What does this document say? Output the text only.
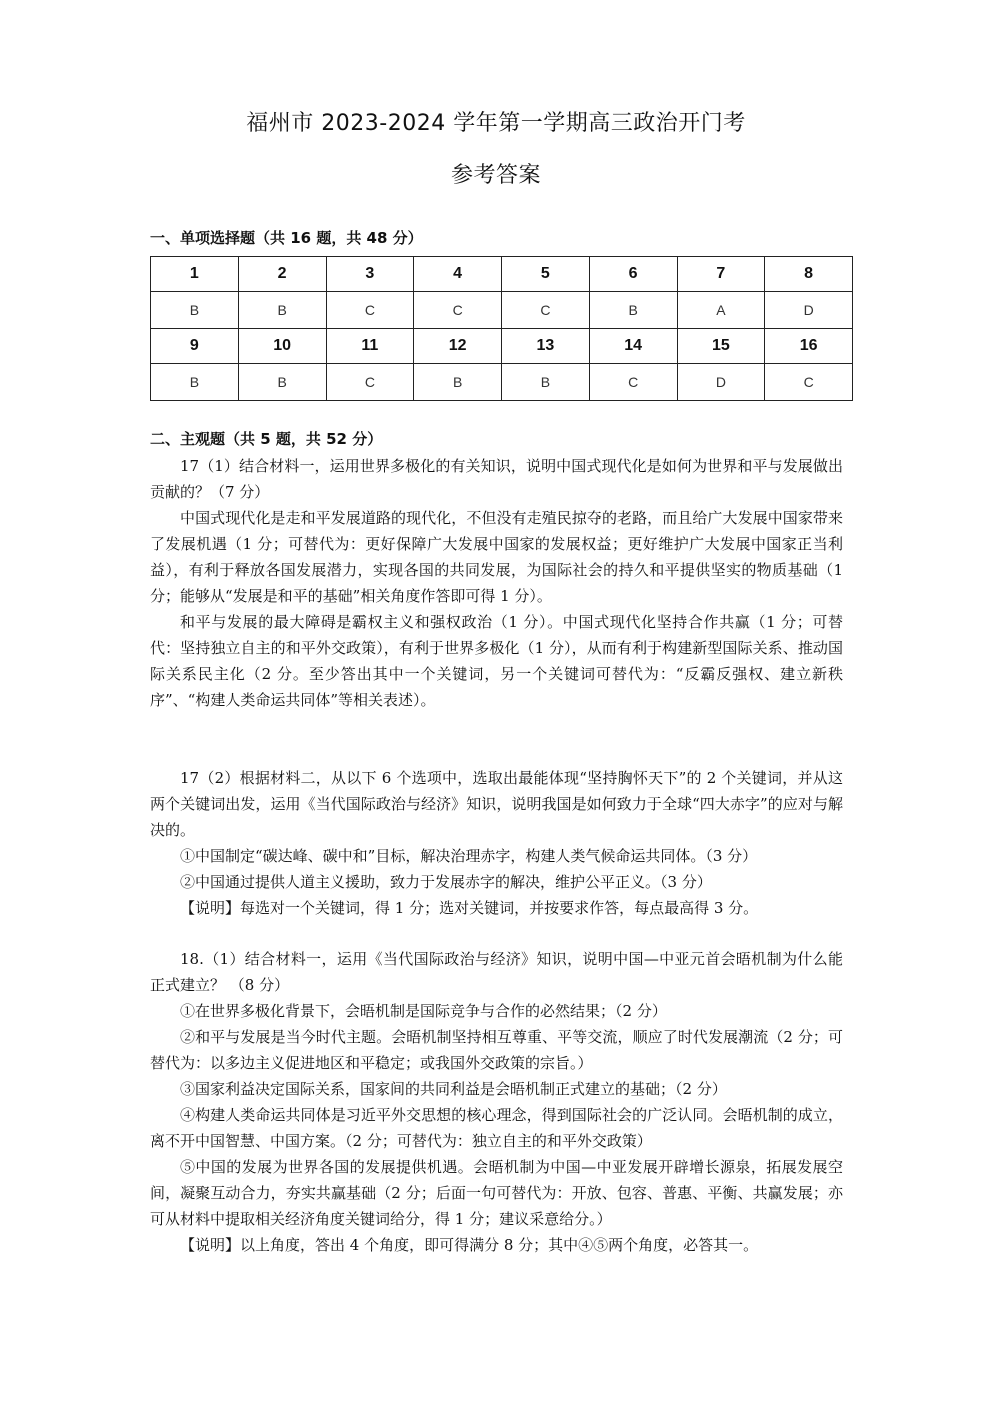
福州市 2023-2024 学年第一学期高三政治开门考
参考答案
一、单项选择题（共 16 题，共 48 分）
1	2	3	4	5	6	7	8
B	B	C	C	C	B	A	D
9	10	11	12	13	14	15	16
B	B	C	B	B	C	D	C
二、主观题（共 5 题，共 52 分）

17（1）结合材料一，运用世界多极化的有关知识，说明中国式现代化是如何为世界和平与发展做出贡献的？（7 分）

中国式现代化是走和平发展道路的现代化，不但没有走殖民掠夺的老路，而且给广大发展中国家带来了发展机遇（1 分；可替代为：更好保障广大发展中国家的发展权益；更好维护广大发展中国家正当利益），有利于释放各国发展潜力，实现各国的共同发展，为国际社会的持久和平提供坚实的物质基础（1 分；能够从“发展是和平的基础”相关角度作答即可得 1 分）。

和平与发展的最大障碍是霸权主义和强权政治（1 分）。中国式现代化坚持合作共赢（1 分；可替代：坚持独立自主的和平外交政策），有利于世界多极化（1 分），从而有利于构建新型国际关系、推动国际关系民主化（2 分。至少答出其中一个关键词，另一个关键词可替代为：“反霸反强权、建立新秩序”、“构建人类命运共同体”等相关表述）。

17（2）根据材料二，从以下 6 个选项中，选取出最能体现“坚持胸怀天下”的 2 个关键词，并从这两个关键词出发，运用《当代国际政治与经济》知识，说明我国是如何致力于全球“四大赤字”的应对与解决的。

①中国制定“碳达峰、碳中和”目标，解决治理赤字，构建人类气候命运共同体。（3 分）

②中国通过提供人道主义援助，致力于发展赤字的解决，维护公平正义。（3 分）

【说明】每选对一个关键词，得 1 分；选对关键词，并按要求作答，每点最高得 3 分。

18.（1）结合材料一，运用《当代国际政治与经济》知识，说明中国—中亚元首会晤机制为什么能正式建立？ （8 分）

①在世界多极化背景下，会晤机制是国际竞争与合作的必然结果；（2 分）

②和平与发展是当今时代主题。会晤机制坚持相互尊重、平等交流，顺应了时代发展潮流（2 分；可替代为：以多边主义促进地区和平稳定；或我国外交政策的宗旨。）

③国家利益决定国际关系，国家间的共同利益是会晤机制正式建立的基础；（2 分）

④构建人类命运共同体是习近平外交思想的核心理念，得到国际社会的广泛认同。会晤机制的成立，离不开中国智慧、中国方案。（2 分；可替代为：独立自主的和平外交政策）

⑤中国的发展为世界各国的发展提供机遇。会晤机制为中国—中亚发展开辟增长源泉，拓展发展空间，凝聚互动合力，夯实共赢基础（2 分；后面一句可替代为：开放、包容、普惠、平衡、共赢发展；亦可从材料中提取相关经济角度关键词给分，得 1 分；建议采意给分。）

【说明】以上角度，答出 4 个角度，即可得满分 8 分；其中④⑤两个角度，必答其一。
